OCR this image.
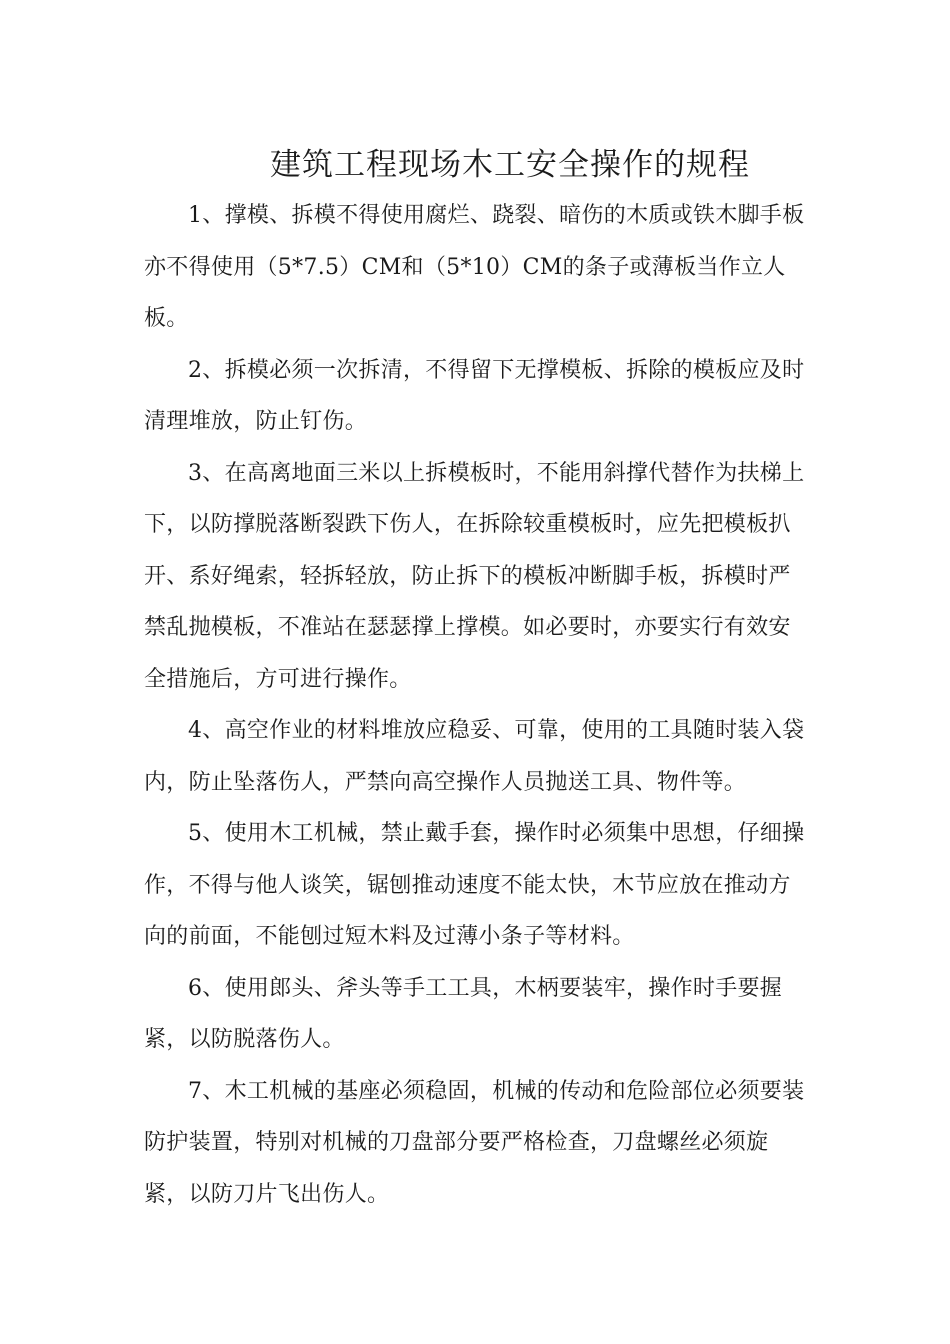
建筑工程现场木工安全操作的规程

1、撑模、拆模不得使用腐烂、跷裂、暗伤的木质或铁木脚手板亦不得使用（5*7.5）CM和（5*10）CM的条子或薄板当作立人板。

2、拆模必须一次拆清，不得留下无撑模板、拆除的模板应及时清理堆放，防止钉伤。

3、在高离地面三米以上拆模板时，不能用斜撑代替作为扶梯上下，以防撑脱落断裂跌下伤人，在拆除较重模板时，应先把模板扒开、系好绳索，轻拆轻放，防止拆下的模板冲断脚手板，拆模时严禁乱抛模板，不准站在瑟瑟撑上撑模。如必要时，亦要实行有效安全措施后，方可进行操作。

4、高空作业的材料堆放应稳妥、可靠，使用的工具随时装入袋内，防止坠落伤人，严禁向高空操作人员抛送工具、物件等。

5、使用木工机械，禁止戴手套，操作时必须集中思想，仔细操作，不得与他人谈笑，锯刨推动速度不能太快，木节应放在推动方向的前面，不能刨过短木料及过薄小条子等材料。

6、使用郎头、斧头等手工工具，木柄要装牢，操作时手要握紧，以防脱落伤人。

7、木工机械的基座必须稳固，机械的传动和危险部位必须要装防护装置，特别对机械的刀盘部分要严格检查，刀盘螺丝必须旋紧，以防刀片飞出伤人。
